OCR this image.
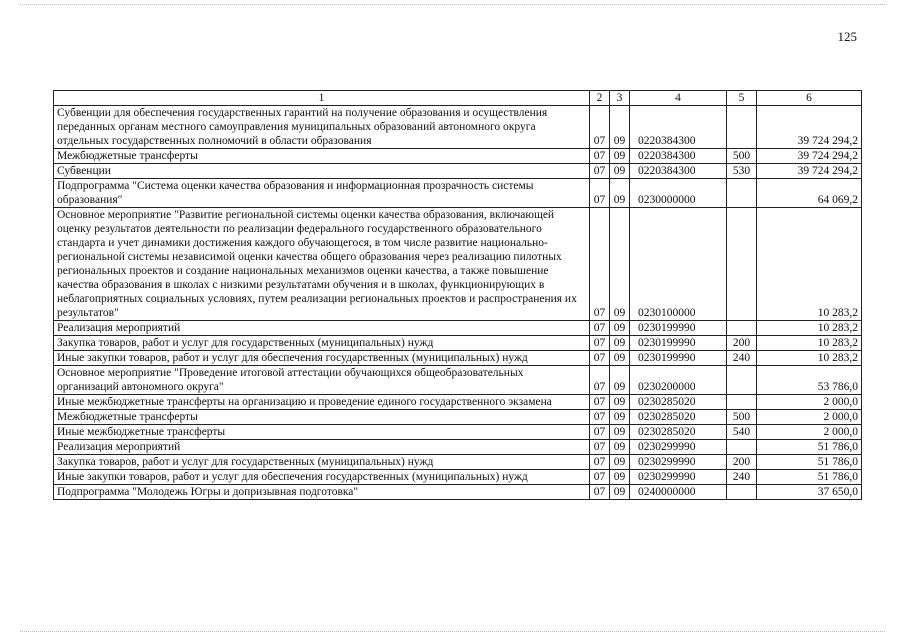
125
1	2	3	4	5	6
Субвенции для обеспечения государственных гарантий на получение образования и осуществления переданных органам местного самоуправления муниципальных образований автономного округа отдельных государственных полномочий в области образования	07	09	0220384300		39 724 294,2
Межбюджетные трансферты	07	09	0220384300	500	39 724 294,2
Субвенции	07	09	0220384300	530	39 724 294,2
Подпрограмма "Система оценки качества образования и информационная прозрачность системы образования"	07	09	0230000000		64 069,2
Основное мероприятие "Развитие региональной системы оценки качества образования, включающей оценку результатов деятельности по реализации федерального государственного образовательного стандарта и учет динамики достижения каждого обучающегося, в том числе развитие национально-региональной системы независимой оценки качества общего образования через реализацию пилотных региональных проектов и создание национальных механизмов оценки качества, а также повышение качества образования в школах с низкими результатами обучения и в школах, функционирующих в неблагоприятных социальных условиях, путем реализации региональных проектов и распространения их результатов"	07	09	0230100000		10 283,2
Реализация мероприятий	07	09	0230199990		10 283,2
Закупка товаров, работ и услуг для государственных (муниципальных) нужд	07	09	0230199990	200	10 283,2
Иные закупки товаров, работ и услуг для обеспечения государственных (муниципальных) нужд	07	09	0230199990	240	10 283,2
Основное мероприятие "Проведение итоговой аттестации обучающихся общеобразовательных организаций автономного округа"	07	09	0230200000		53 786,0
Иные межбюджетные трансферты на организацию и проведение единого государственного экзамена	07	09	0230285020		2 000,0
Межбюджетные трансферты	07	09	0230285020	500	2 000,0
Иные межбюджетные трансферты	07	09	0230285020	540	2 000,0
Реализация мероприятий	07	09	0230299990		51 786,0
Закупка товаров, работ и услуг для государственных (муниципальных) нужд	07	09	0230299990	200	51 786,0
Иные закупки товаров, работ и услуг для обеспечения государственных (муниципальных) нужд	07	09	0230299990	240	51 786,0
Подпрограмма "Молодежь Югры и допризывная подготовка"	07	09	0240000000		37 650,0
